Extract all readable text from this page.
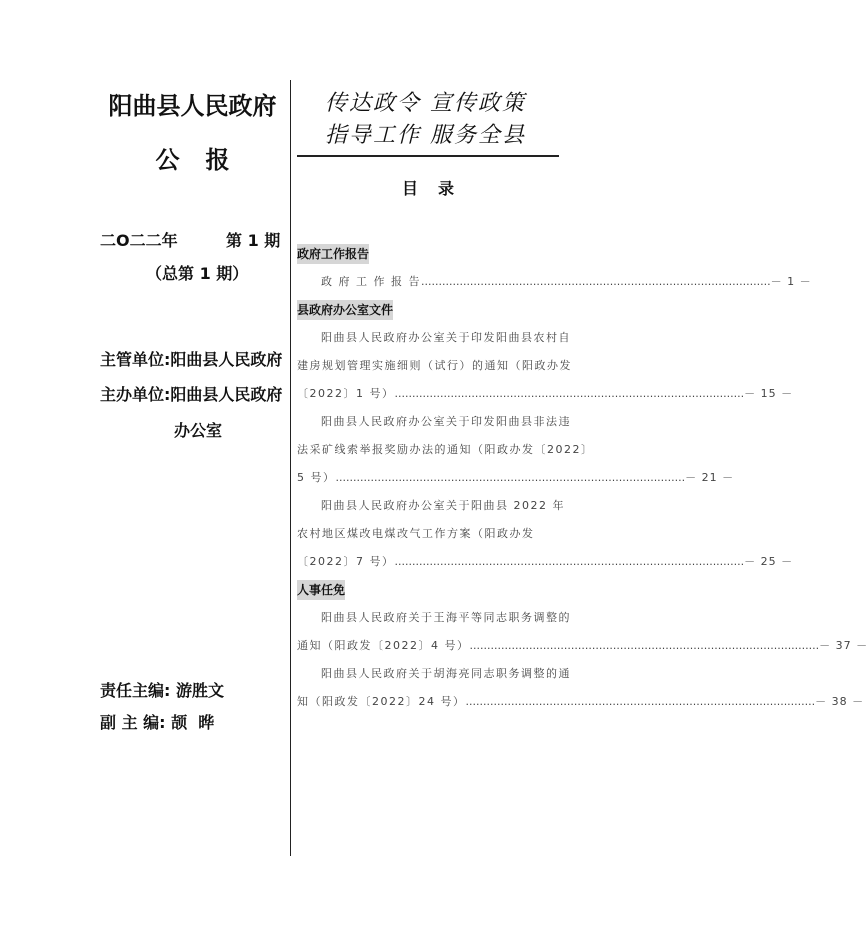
阳曲县人民政府
公报
二O二二年	第 1 期
（总第 1 期）
主管单位:阳曲县人民政府
主办单位:阳曲县人民政府
办公室
责任主编: 游胜文
副 主 编: 颉  晔
传达政令 宣传政策
指导工作 服务全县
目录
政府工作报告
政 府 工 作 报 告 .....	－ 1 －
县政府办公室文件
阳曲县人民政府办公室关于印发阳曲县农村自
建房规划管理实施细则（试行）的通知（阳政办发
〔2022〕1 号） .....	－ 15 －
阳曲县人民政府办公室关于印发阳曲县非法违
法采矿线索举报奖励办法的通知（阳政办发〔2022〕
5 号） .....	－ 21 －
阳曲县人民政府办公室关于阳曲县 2022 年
农村地区煤改电煤改气工作方案（阳政办发
〔2022〕7 号） .....	－ 25 －
人事任免
阳曲县人民政府关于王海平等同志职务调整的
通知（阳政发〔2022〕4 号） .....	－ 37 －
阳曲县人民政府关于胡海亮同志职务调整的通
知（阳政发〔2022〕24 号） .....	－ 38 －
